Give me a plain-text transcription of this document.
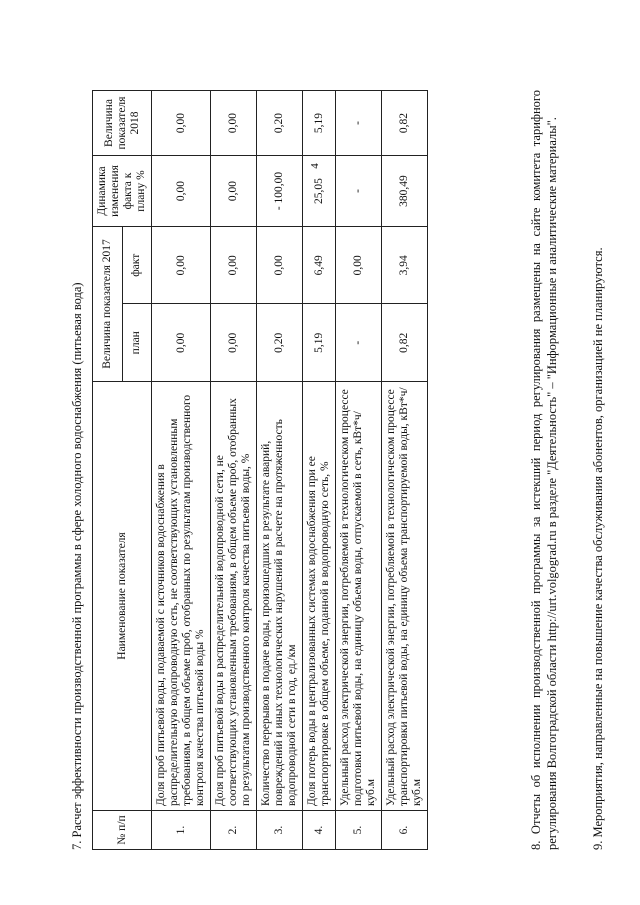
4
7. Расчет эффективности производственной программы в сфере холодного водоснабжения (питьевая вода)	№ п/п	Наименование показателя	Величина показателя 2017		Динамика изменения факта к плану %	Величина показателя 2018
		план	факт		
1.	Доля проб питьевой воды, подаваемой с источников водоснабжения в распределительную водопроводную сеть, не соответствующих установленным требованиям, в общем объеме проб, отобранных по результатам производственного контроля качества питьевой воды %	0,00	0,00	0,00	0,00
2.	Доля проб питьевой воды в распределительной водопроводной сети, не соответствующих установленным требованиям, в общем объеме проб, отобранных по результатам производственного контроля качества питьевой воды, %	0,00	0,00	0,00	0,00
3.	Количество перерывов в подаче воды, произошедших в результате аварий, повреждений и иных технологических нарушений в расчете на протяженность водопроводной сети в год, ед./км	0,20	0,00	- 100,00	0,20
4.	Доля потерь воды в централизованных системах водоснабжения при ее транспортировке в общем объеме, поданной в водопроводную сеть, %	5,19	6,49	25,05	5,19
5.	Удельный расход электрической энергии, потребляемой в технологическом процессе подготовки питьевой воды, на единицу объема воды, отпускаемой в сеть, кВт*ч/куб.м	-	0,00	-	-
6.	Удельный расход электрической энергии, потребляемой в технологическом процессе транспортировки питьевой воды, на единицу объема транспортируемой воды, кВт*ч/куб.м	0,82	3,94	380,49	0,82	8. Отчеты об исполнении производственной программы за истекший период регулирования размещены на сайте комитета тарифного регулирования Волгоградской области http://urt.volgograd.ru в разделе "Деятельность" – "Информационные и аналитические материалы".	9. Мероприятия, направленные на повышение качества обслуживания абонентов, организацией не планируются.
